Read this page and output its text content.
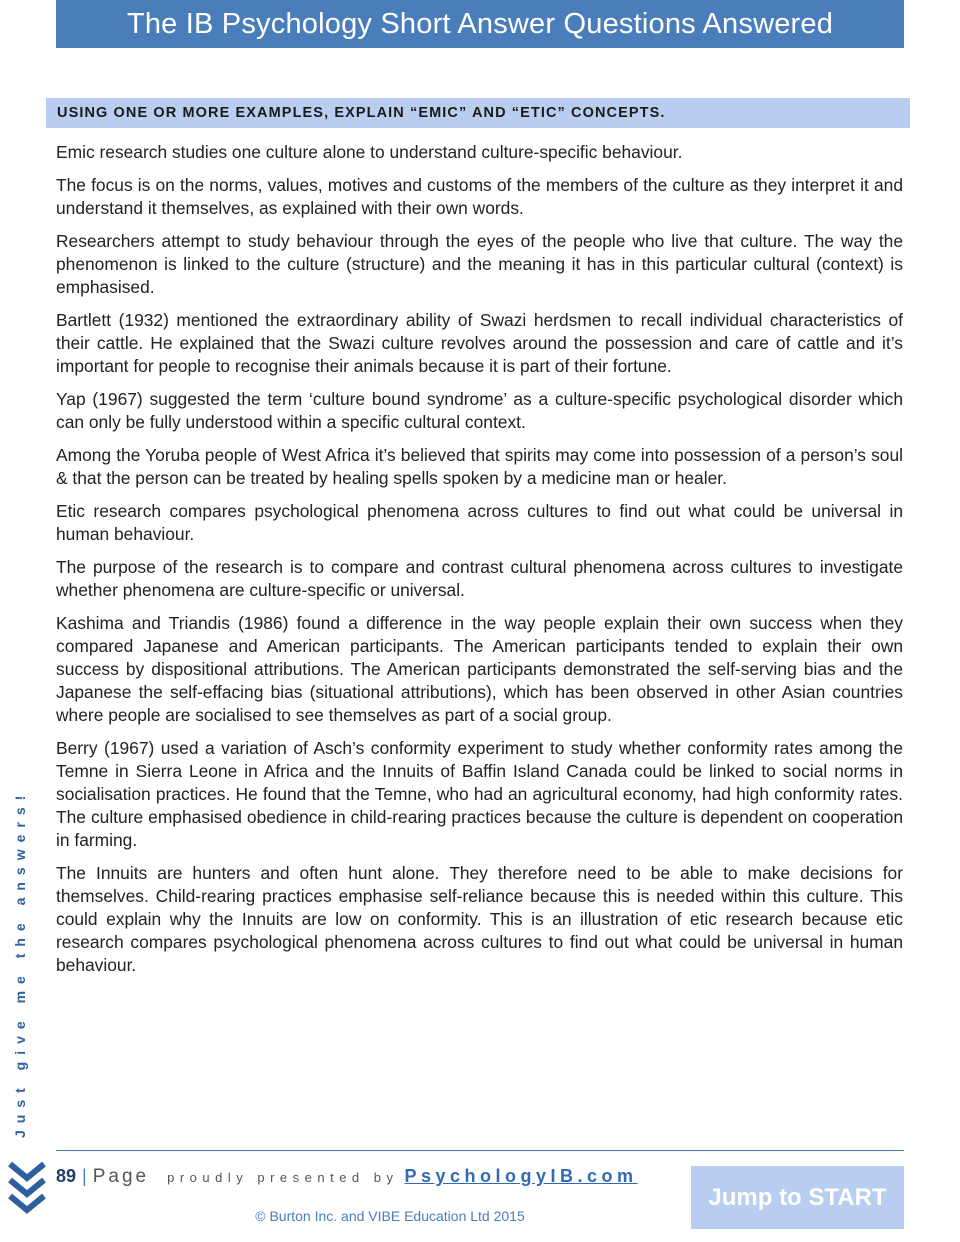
The IB Psychology Short Answer Questions Answered
USING ONE OR MORE EXAMPLES, EXPLAIN “EMIC” AND “ETIC” CONCEPTS.

Emic research studies one culture alone to understand culture-specific behaviour.

The focus is on the norms, values, motives and customs of the members of the culture as they interpret it and understand it themselves, as explained with their own words.

Researchers attempt to study behaviour through the eyes of the people who live that culture. The way the phenomenon is linked to the culture (structure) and the meaning it has in this particular cultural (context) is emphasised.

Bartlett (1932) mentioned the extraordinary ability of Swazi herdsmen to recall individual characteristics of their cattle. He explained that the Swazi culture revolves around the possession and care of cattle and it’s important for people to recognise their animals because it is part of their fortune.

Yap (1967) suggested the term ‘culture bound syndrome’ as a culture-specific psychological disorder which can only be fully understood within a specific cultural context.

Among the Yoruba people of West Africa it’s believed that spirits may come into possession of a person’s soul & that the person can be treated by healing spells spoken by a medicine man or healer.

Etic research compares psychological phenomena across cultures to find out what could be universal in human behaviour.

The purpose of the research is to compare and contrast cultural phenomena across cultures to investigate whether phenomena are culture-specific or universal.

Kashima and Triandis (1986) found a difference in the way people explain their own success when they compared Japanese and American participants. The American participants tended to explain their own success by dispositional attributions. The American participants demonstrated the self-serving bias and the Japanese the self-effacing bias (situational attributions), which has been observed in other Asian countries where people are socialised to see themselves as part of a social group.

Berry (1967) used a variation of Asch’s conformity experiment to study whether conformity rates among the Temne in Sierra Leone in Africa and the Innuits of Baffin Island Canada could be linked to social norms in socialisation practices. He found that the Temne, who had an agricultural economy, had high conformity rates. The culture emphasised obedience in child-rearing practices because the culture is dependent on cooperation in farming.

The Innuits are hunters and often hunt alone. They therefore need to be able to make decisions for themselves. Child-rearing practices emphasise self-reliance because this is needed within this culture. This could explain why the Innuits are low on conformity. This is an illustration of etic research because etic research compares psychological phenomena across cultures to find out what could be universal in human behaviour.

Just give me the answers!
89 | Page proudly presented by PsychologyIB.com
© Burton Inc. and VIBE Education Ltd 2015
Jump to START
